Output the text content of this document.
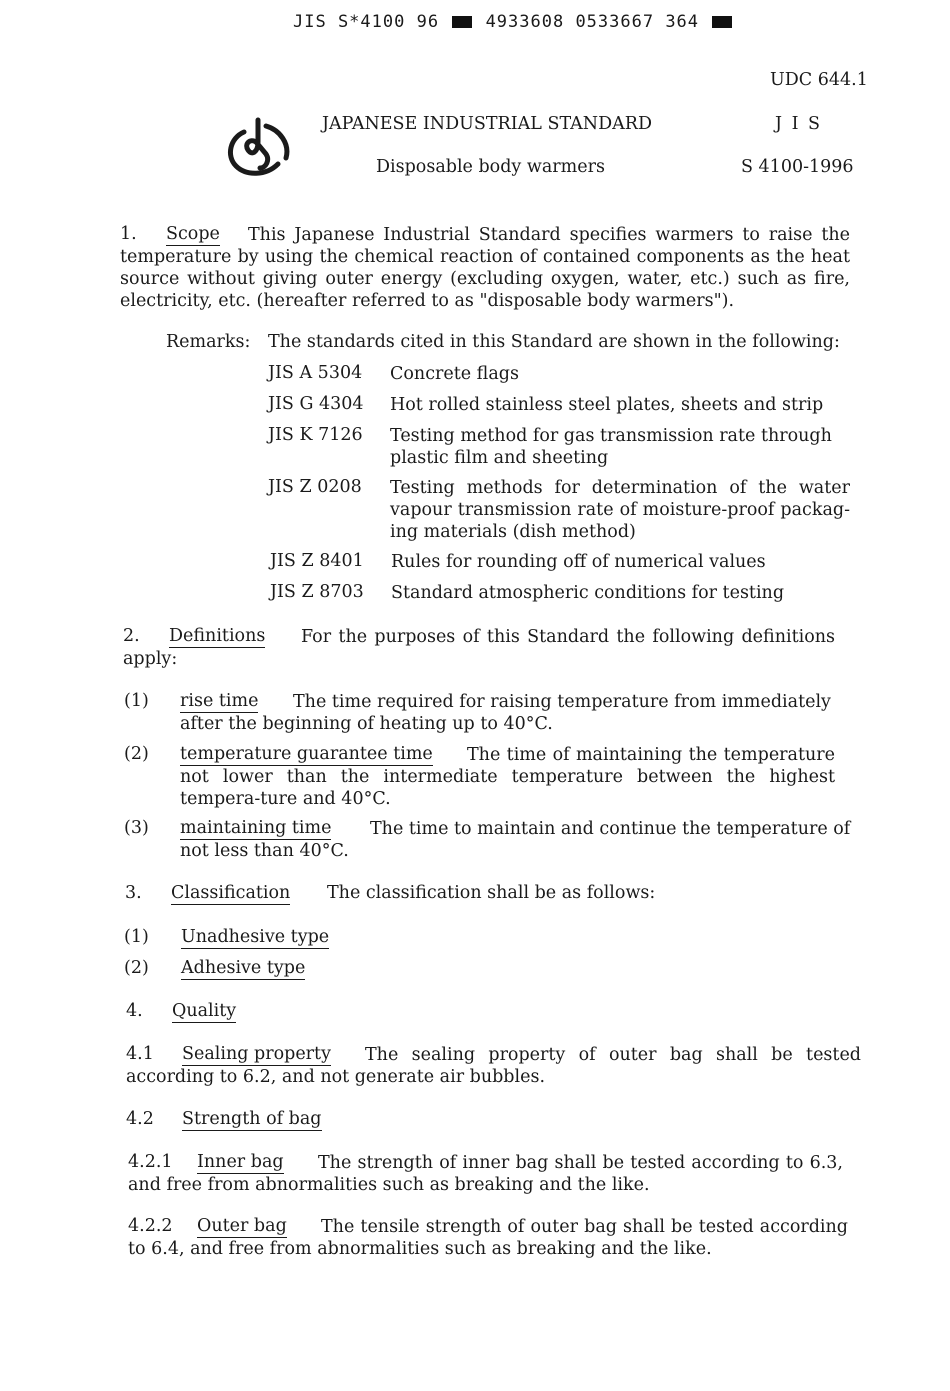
JIS S*4100 96	4933608 0533667 364
UDC 644.1
J I S
S 4100-1996
JAPANESE INDUSTRIAL STANDARD
Disposable body warmers
1. Scope	This Japanese Industrial Standard specifies warmers to raise the temperature by using the chemical reaction of contained components as the heat source without giving outer energy (excluding oxygen, water, etc.) such as fire, electricity, etc. (hereafter referred to as "disposable body warmers").
Remarks: The standards cited in this Standard are shown in the following:
JIS A 5304 Concrete flags
JIS G 4304 Hot rolled stainless steel plates, sheets and strip
JIS K 7126 Testing method for gas transmission rate through plastic film and sheeting
JIS Z 0208 Testing methods for determination of the water vapour transmission rate of moisture-proof packag-ing materials (dish method)
JIS Z 8401 Rules for rounding off of numerical values
JIS Z 8703 Standard atmospheric conditions for testing
2. Definitions	For the purposes of this Standard the following definitions apply:
(1) rise time	The time required for raising temperature from immediately after the beginning of heating up to 40°C.
(2) temperature guarantee time	The time of maintaining the temperature not lower than the intermediate temperature between the highest tempera-ture and 40°C.
(3) maintaining time	The time to maintain and continue the temperature of not less than 40°C.
3. Classification The classification shall be as follows:
(1) Unadhesive type
(2) Adhesive type
4. Quality
4.1 Sealing property	The sealing property of outer bag shall be tested according to 6.2, and not generate air bubbles.
4.2 Strength of bag
4.2.1 Inner bag	The strength of inner bag shall be tested according to 6.3, and free from abnormalities such as breaking and the like.
4.2.2 Outer bag	The tensile strength of outer bag shall be tested according to 6.4, and free from abnormalities such as breaking and the like.
